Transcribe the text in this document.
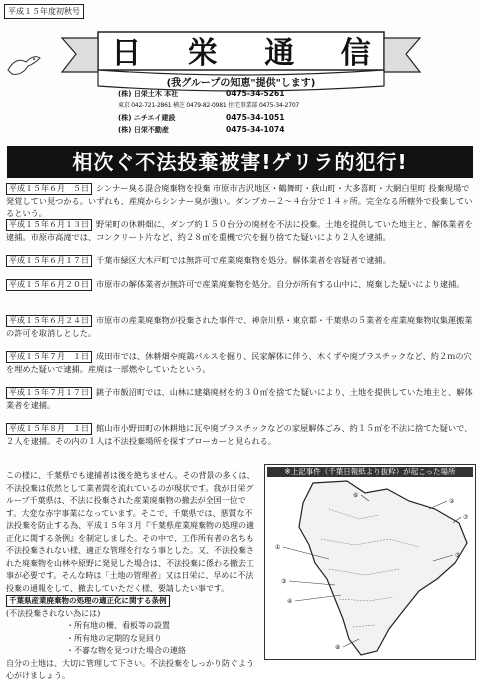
平成１５年度初秋号
日 栄 通 信
(我グループの知恵"提供"します)
(株) 日栄土木 本社	0475-34-5261
東京 042-721-2861 横芝 0479-82-0981 住宅事業部 0475-34-2707
(株) ニチエイ建設	0475-34-1051
(株) 日栄不動産	0475-34-1074
相次ぐ不法投棄被害!ゲリラ的犯行!
平成１５年６月　５日 シンナー臭る混合廃棄物を投棄 市原市吉沢地区・鶴舞町・荻山町・大多喜町・大網白里町 投棄現場で発覚してい見つかる。いずれも、産廃からシンナー臭が強い。ダンプカー２〜４台分で１４ヶ所。完全なる所轄外で投棄しているという。
平成１５年６月１３日 野栄町の休耕畑に、ダンプ約１５０台分の廃材を不法に投棄。土地を提供していた地主と、解体業者を逮捕。市原市高滝では、コンクリート片など、約２８㎥を重機で穴を掘り捨てた疑いにより２人を逮捕。
平成１５年６月１７日 千葉市緑区大木戸町では無許可で産業廃棄物を処分。解体業者を容疑者で逮捕。
平成１５年６月２０日 市原市の解体業者が無許可で産業廃棄物を処分。自分が所有する山中に、廃棄した疑いにより逮捕。
平成１５年６月２４日 市原市の産業廃棄物が投棄された事件で、神奈川県・東京都・千葉県の５業者を産業廃棄物収集運搬業の許可を取消しとした。
平成１５年７月　１日 成田市では、休耕畑や廃鶏パルスを掘り、民家解体に伴う、木くずや廃プラスチックなど、約２ｍの穴を埋めた疑いで逮捕。産廃は一部燃やしていたという。
平成１５年７月１７日 銚子市飯沼町では、山林に建築廃材を約３０㎥を捨てた疑いにより、土地を提供していた地主と、解体業者を逮捕。
平成１５年８月　１日 館山市小野田町の休耕地に瓦や廃プラスチックなどの家屋解体ごみ、約１５㎥を不法に捨てた疑いで、２人を逮捕。その内の１人は不法投棄場所を探すブローカーと見られる。

この様に、千葉県でも逮捕者は後を絶ちません。その背景の多くは、不法投棄は依然として業者間を流れているのが現状です。我が日栄グループ千葉県は、不法に投棄された産業廃棄物の撤去が全国一位です。大変な赤字事業になっています。そこで、千葉県では、悪質な不法投棄を防止する為、平成１５年３月『千葉県産業廃棄物の処理の適正化に関する条例』を制定しました。その中で、工作所有者の名ちも不法投棄されない様、適正な管理を行なう事とした。又、不法投棄された廃棄物を山林や原野に発見した場合は、不法投棄に係わる撤去工事が必要です。そんな時は「土地の管理者」又は日栄に、早めに不法投棄の通報をして、撤去していただく様、要請したい事です。

千葉県産業廃棄物の処理の適正化に関する条例

(不法投棄されない為には)

・所有地の柵、看板等の設置
・所有地の定期的な見回り
・不審な物を見つけた場合の連絡

自分の土地は、大切に管理して下さい。不法投棄をしっかり防ぐよう心がけましょう。

※上記事件（千葉日報紙より抜粋）が起こった場所
①
②
③
④
⑤
⑥
⑦
⑧
